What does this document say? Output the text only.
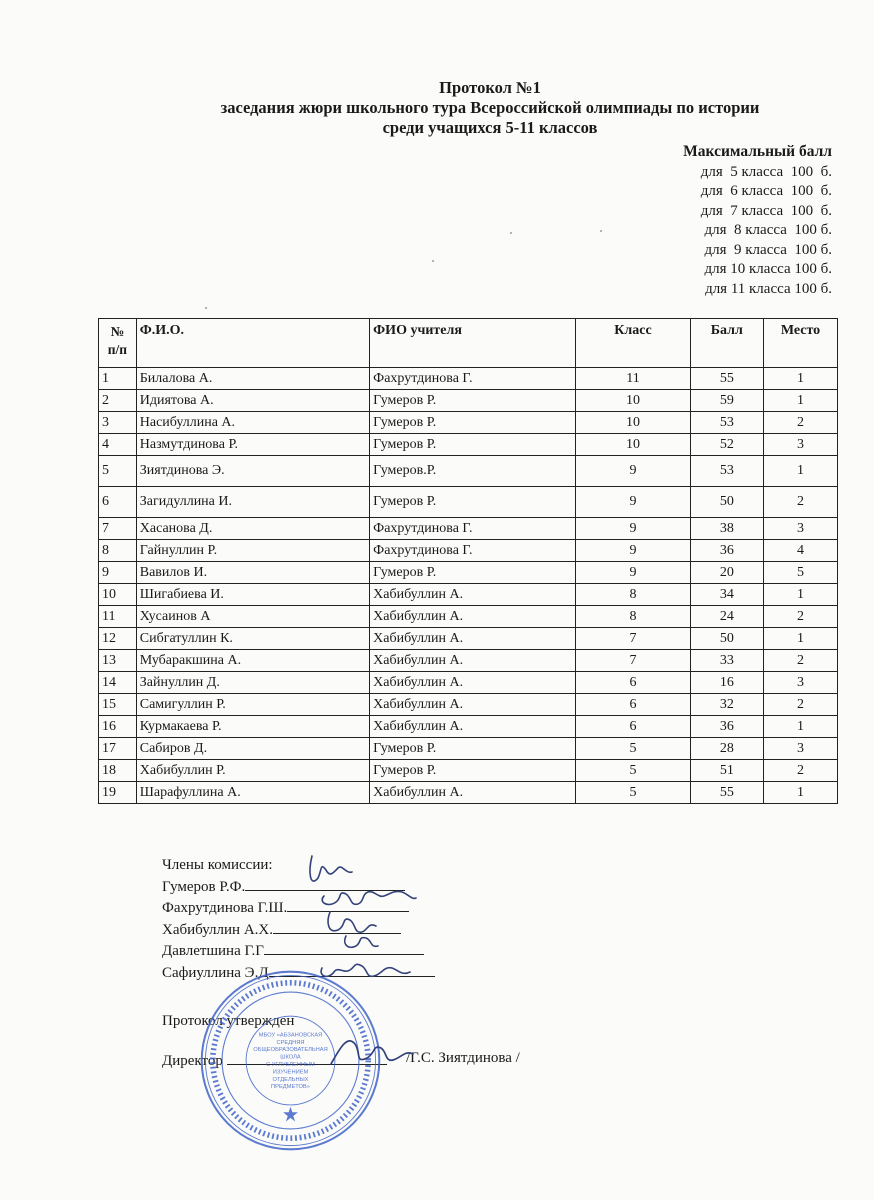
Протокол №1
заседания жюри школьного тура Всероссийской олимпиады по истории
среди учащихся 5-11 классов
Максимальный балл
для  5 класса  100  б.
для  6 класса  100  б.
для  7 класса  100  б.
для  8 класса  100 б.
для  9 класса  100 б.
для 10 класса 100 б.
для 11 класса 100 б.
№
п/п	Ф.И.О.	ФИО учителя	Класс	Балл	Место
1	Билалова А.	Фахрутдинова Г.	11	55	1
2	Идиятова А.	Гумеров Р.	10	59	1
3	Насибуллина А.	Гумеров Р.	10	53	2
4	Назмутдинова Р.	Гумеров Р.	10	52	3
5	Зиятдинова Э.	Гумеров.Р.	9	53	1
6	Загидуллина И.	Гумеров Р.	9	50	2
7	Хасанова Д.	Фахрутдинова Г.	9	38	3
8	Гайнуллин Р.	Фахрутдинова Г.	9	36	4
9	Вавилов И.	Гумеров Р.	9	20	5
10	Шигабиева И.	Хабибуллин А.	8	34	1
11	Хусаинов А	Хабибуллин А.	8	24	2
12	Сибгатуллин К.	Хабибуллин А.	7	50	1
13	Мубаракшина А.	Хабибуллин А.	7	33	2
14	Зайнуллин Д.	Хабибуллин А.	6	16	3
15	Самигуллин Р.	Хабибуллин А.	6	32	2
16	Курмакаева Р.	Хабибуллин А.	6	36	1
17	Сабиров Д.	Гумеров Р.	5	28	3
18	Хабибуллин Р.	Гумеров Р.	5	51	2
19	Шарафуллина А.	Хабибуллин А.	5	55	1
Члены комиссии:
Гумеров Р.Ф.
Фахрутдинова Г.Ш.
Хабибуллин А.Х.
Давлетшина Г.Г
Сафиуллина Э.Д
Протокол утвержден
Директор	/Г.С. Зиятдинова /
МБОУ «АБЗАНОВСКАЯ
СРЕДНЯЯ
ОБЩЕОБРАЗОВАТЕЛЬНАЯ
ШКОЛА
С УГЛУБЛЕННЫМ
ИЗУЧЕНИЕМ
ОТДЕЛЬНЫХ
ПРЕДМЕТОВ»
